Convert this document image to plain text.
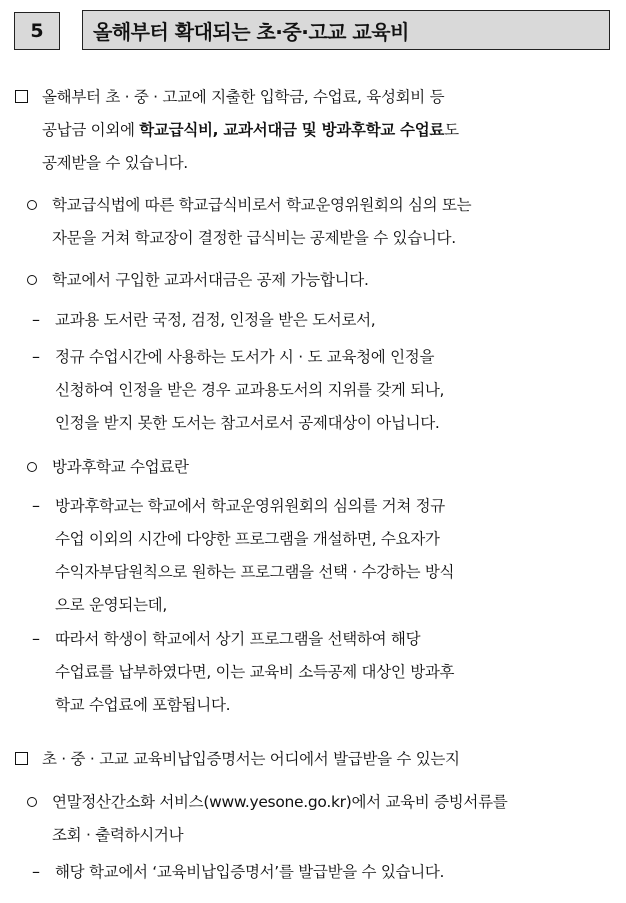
5	올해부터 확대되는 초·중·고교 교육비
올해부터 초 · 중 · 고교에 지출한 입학금, 수업료, 육성회비 등
공납금 이외에 학교급식비, 교과서대금 및 방과후학교 수업료도
공제받을 수 있습니다.
학교급식법에 따른 학교급식비로서 학교운영위원회의 심의 또는
자문을 거쳐 학교장이 결정한 급식비는 공제받을 수 있습니다.
학교에서 구입한 교과서대금은 공제 가능합니다.
– 교과용 도서란 국정, 검정, 인정을 받은 도서로서,
– 정규 수업시간에 사용하는 도서가 시 · 도 교육청에 인정을
신청하여 인정을 받은 경우 교과용도서의 지위를 갖게 되나,
인정을 받지 못한 도서는 참고서로서 공제대상이 아닙니다.
방과후학교 수업료란
– 방과후학교는 학교에서 학교운영위원회의 심의를 거쳐 정규
수업 이외의 시간에 다양한 프로그램을 개설하면, 수요자가
수익자부담원칙으로 원하는 프로그램을 선택 · 수강하는 방식
으로 운영되는데,
– 따라서 학생이 학교에서 상기 프로그램을 선택하여 해당
수업료를 납부하였다면, 이는 교육비 소득공제 대상인 방과후
학교 수업료에 포함됩니다.
초 · 중 · 고교 교육비납입증명서는 어디에서 발급받을 수 있는지
연말정산간소화 서비스(www.yesone.go.kr)에서 교육비 증빙서류를
조회 · 출력하시거나
– 해당 학교에서 ‘교육비납입증명서’를 발급받을 수 있습니다.
